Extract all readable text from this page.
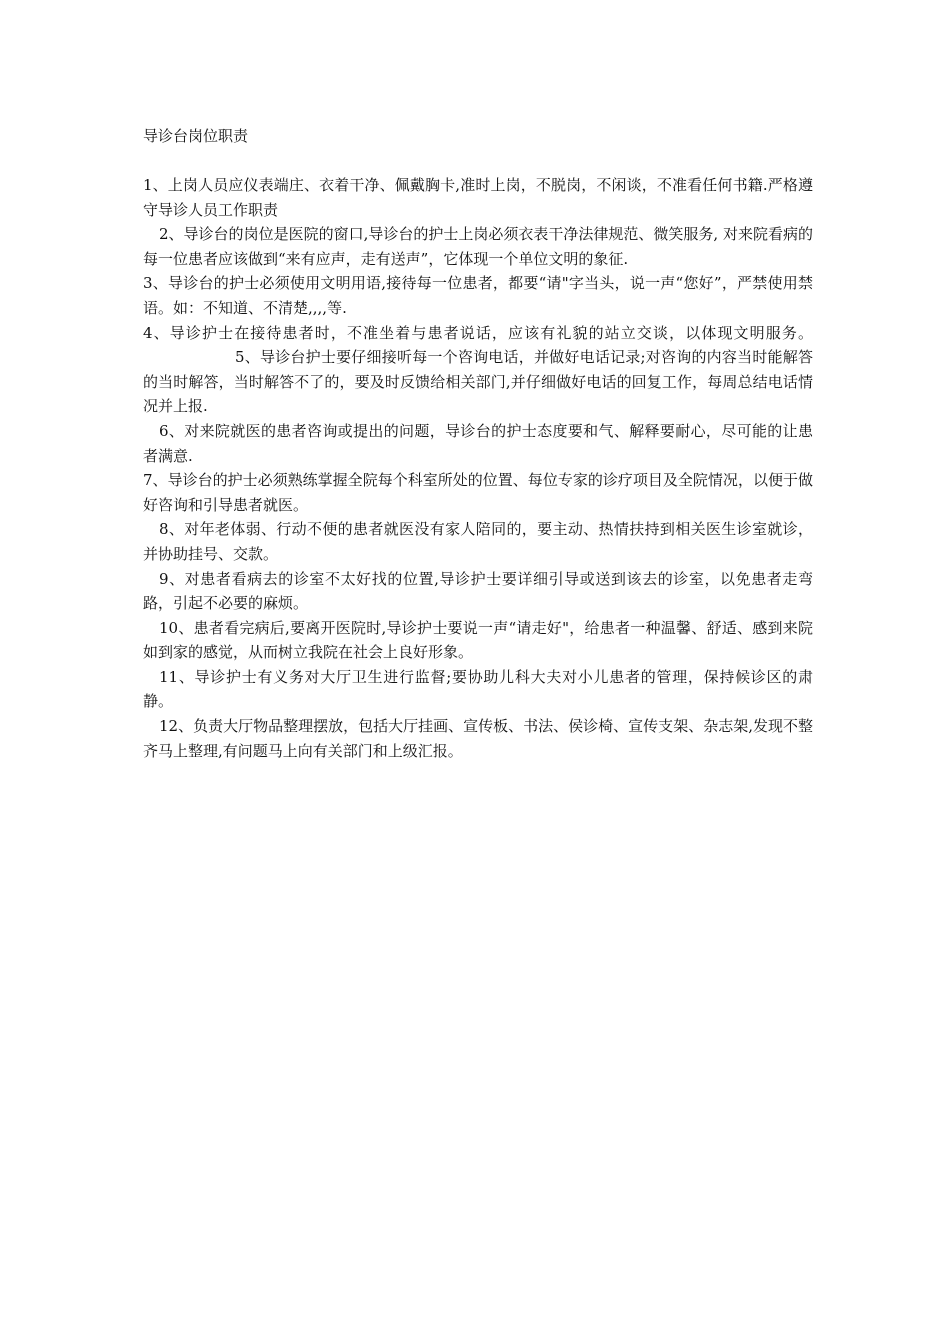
导诊台岗位职责

1、上岗人员应仪表端庄、衣着干净、佩戴胸卡,准时上岗，不脱岗，不闲谈，不准看任何书籍.严格遵守导诊人员工作职责

2、导诊台的岗位是医院的窗口,导诊台的护士上岗必须衣表干净法律规范、微笑服务, 对来院看病的每一位患者应该做到“来有应声，走有送声”，它体现一个单位文明的象征.

3、导诊台的护士必须使用文明用语,接待每一位患者，都要“请"字当头，说一声“您好”，严禁使用禁语。如：不知道、不清楚,,,,等.

4、导诊护士在接待患者时，不准坐着与患者说话，应该有礼貌的站立交谈，以体现文明服务。5、导诊台护士要仔细接听每一个咨询电话，并做好电话记录;对咨询的内容当时能解答的当时解答，当时解答不了的，要及时反馈给相关部门,并仔细做好电话的回复工作，每周总结电话情况并上报.

6、对来院就医的患者咨询或提出的问题，导诊台的护士态度要和气、解释要耐心，尽可能的让患者满意.

7、导诊台的护士必须熟练掌握全院每个科室所处的位置、每位专家的诊疗项目及全院情况，以便于做好咨询和引导患者就医。

8、对年老体弱、行动不便的患者就医没有家人陪同的，要主动、热情扶持到相关医生诊室就诊，并协助挂号、交款。

9、对患者看病去的诊室不太好找的位置,导诊护士要详细引导或送到该去的诊室，以免患者走弯路，引起不必要的麻烦。

10、患者看完病后,要离开医院时,导诊护士要说一声“请走好"，给患者一种温馨、舒适、感到来院如到家的感觉，从而树立我院在社会上良好形象。

11、导诊护士有义务对大厅卫生进行监督;要协助儿科大夫对小儿患者的管理，保持候诊区的肃静。

12、负责大厅物品整理摆放，包括大厅挂画、宣传板、书法、侯诊椅、宣传支架、杂志架,发现不整齐马上整理,有问题马上向有关部门和上级汇报。
